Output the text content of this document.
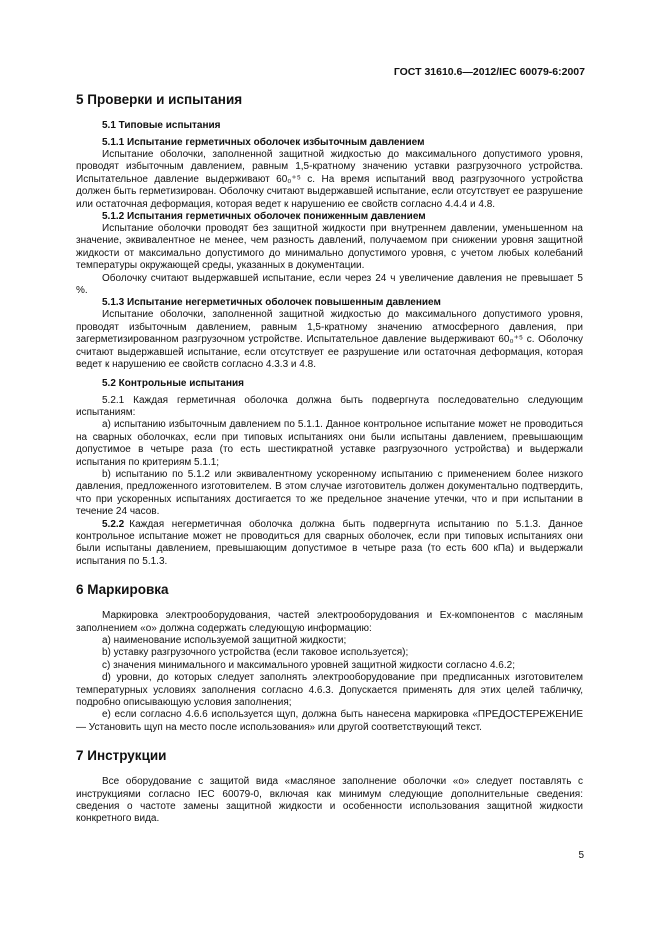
ГОСТ 31610.6—2012/IEC 60079-6:2007
5 Проверки и испытания
5.1 Типовые испытания
5.1.1 Испытание герметичных оболочек избыточным давлением

Испытание оболочки, заполненной защитной жидкостью до максимального допустимого уровня, проводят избыточным давлением, равным 1,5-кратному значению уставки разгрузочного устройства. Испытательное давление выдерживают 60₀⁺⁵ с. На время испытаний ввод разгрузочного устройства должен быть герметизирован. Оболочку считают выдержавшей испытание, если отсутствует ее разрушение или остаточная деформация, которая ведет к нарушению ее свойств согласно 4.4.4 и 4.8.

5.1.2 Испытания герметичных оболочек пониженным давлением

Испытание оболочки проводят без защитной жидкости при внутреннем давлении, уменьшенном на значение, эквивалентное не менее, чем разность давлений, получаемом при снижении уровня защитной жидкости от максимально допустимого до минимально допустимого уровня, с учетом любых колебаний температуры окружающей среды, указанных в документации.

Оболочку считают выдержавшей испытание, если через 24 ч увеличение давления не превышает 5 %.

5.1.3 Испытание негерметичных оболочек повышенным давлением

Испытание оболочки, заполненной защитной жидкостью до максимального допустимого уровня, проводят избыточным давлением, равным 1,5-кратному значению атмосферного давления, при загерметизированном разгрузочном устройстве. Испытательное давление выдерживают 60₀⁺⁵ с. Оболочку считают выдержавшей испытание, если отсутствует ее разрушение или остаточная деформация, которая ведет к нарушению ее свойств согласно 4.3.3 и 4.8.

5.2 Контрольные испытания

5.2.1 Каждая герметичная оболочка должна быть подвергнута последовательно следующим испытаниям:

а) испытанию избыточным давлением по 5.1.1. Данное контрольное испытание может не проводиться на сварных оболочках, если при типовых испытаниях они были испытаны давлением, превышающим допустимое в четыре раза (то есть шестикратной уставке разгрузочного устройства) и выдержали испытания по критериям 5.1.1;

b) испытанию по 5.1.2 или эквивалентному ускоренному испытанию с применением более низкого давления, предложенного изготовителем. В этом случае изготовитель должен документально подтвердить, что при ускоренных испытаниях достигается то же предельное значение утечки, что и при испытании в течение 24 часов.

5.2.2 Каждая негерметичная оболочка должна быть подвергнута испытанию по 5.1.3. Данное контрольное испытание может не проводиться для сварных оболочек, если при типовых испытаниях они были испытаны давлением, превышающим допустимое в четыре раза (то есть 600 кПа) и выдержали испытания по 5.1.3.

6 Маркировка

Маркировка электрооборудования, частей электрооборудования и Ex-компонентов с масляным заполнением «о» должна содержать следующую информацию:

а) наименование используемой защитной жидкости;

b) уставку разгрузочного устройства (если таковое используется);

c) значения минимального и максимального уровней защитной жидкости согласно 4.6.2;

d) уровни, до которых следует заполнять электрооборудование при предписанных изготовителем температурных условиях заполнения согласно 4.6.3. Допускается применять для этих целей табличку, подробно описывающую условия заполнения;

e) если согласно 4.6.6 используется щуп, должна быть нанесена маркировка «ПРЕДОСТЕРЕЖЕНИЕ — Установить щуп на место после использования» или другой соответствующий текст.

7 Инструкции

Все оборудование с защитой вида «масляное заполнение оболочки «о» следует поставлять с инструкциями согласно IEC 60079-0, включая как минимум следующие дополнительные сведения: сведения о частоте замены защитной жидкости и особенности использования защитной жидкости конкретного вида.

5
